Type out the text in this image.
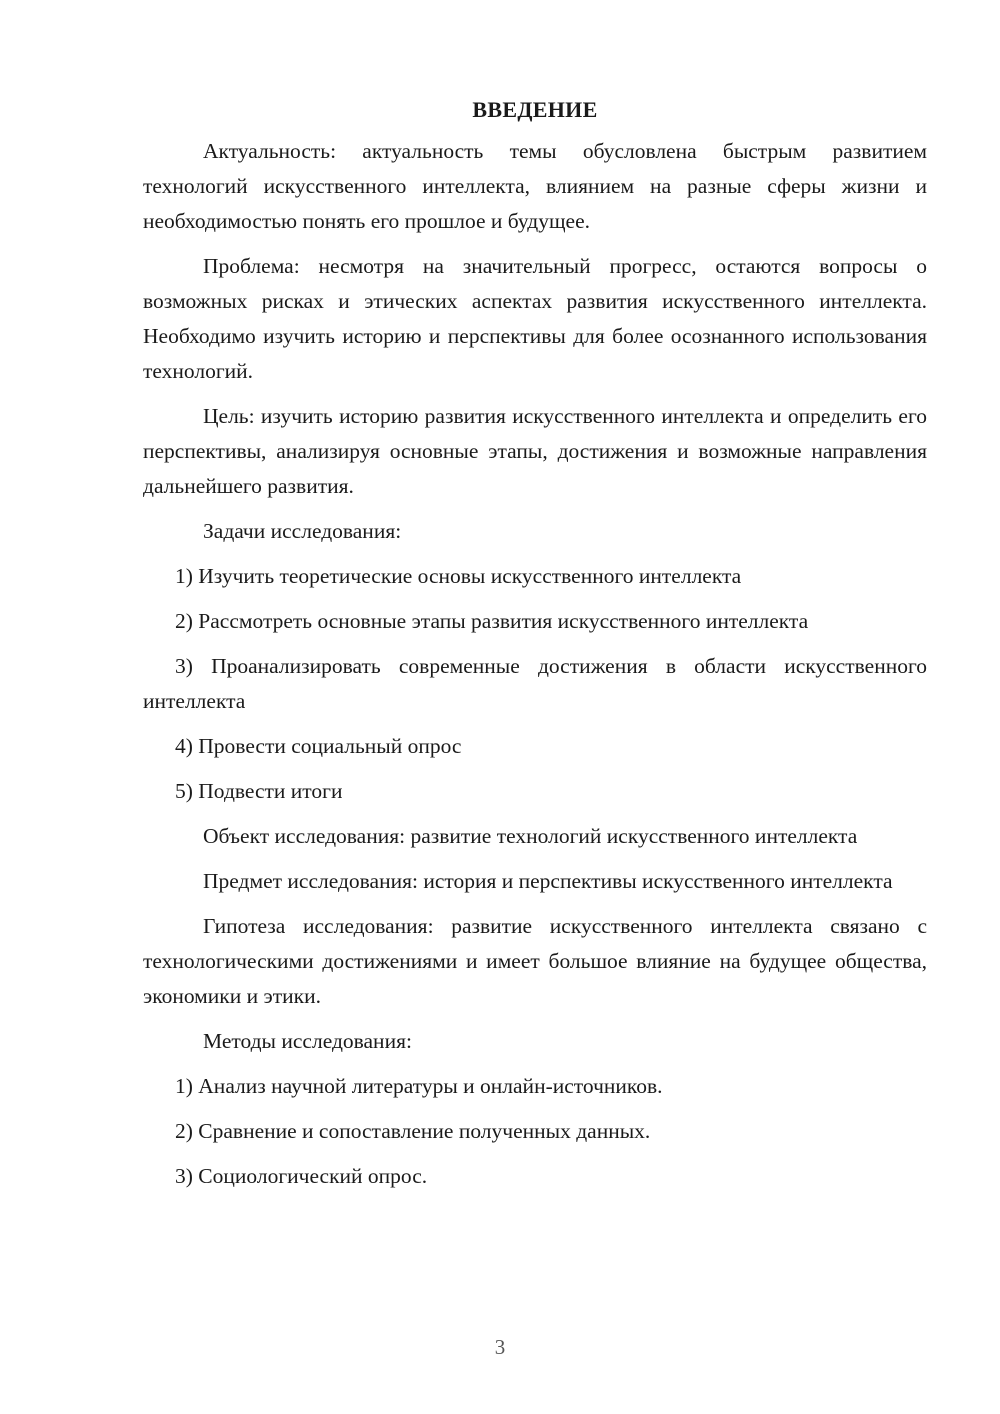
ВВЕДЕНИЕ

Актуальность: актуальность темы обусловлена быстрым развитием технологий искусственного интеллекта, влиянием на разные сферы жизни и необходимостью понять его прошлое и будущее.

Проблема: несмотря на значительный прогресс, остаются вопросы о возможных рисках и этических аспектах развития искусственного интеллекта. Необходимо изучить историю и перспективы для более осознанного использования технологий.

Цель: изучить историю развития искусственного интеллекта и определить его перспективы, анализируя основные этапы, достижения и возможные направления дальнейшего развития.

Задачи исследования:

1) Изучить теоретические основы искусственного интеллекта

2) Рассмотреть основные этапы развития искусственного интеллекта

3) Проанализировать современные достижения в области искусственного интеллекта

4) Провести социальный опрос

5) Подвести итоги

Объект исследования: развитие технологий искусственного интеллекта

Предмет исследования: история и перспективы искусственного интеллекта

Гипотеза исследования: развитие искусственного интеллекта связано с технологическими достижениями и имеет большое влияние на будущее общества, экономики и этики.

Методы исследования:

1) Анализ научной литературы и онлайн-источников.

2) Сравнение и сопоставление полученных данных.

3) Социологический опрос.

3
